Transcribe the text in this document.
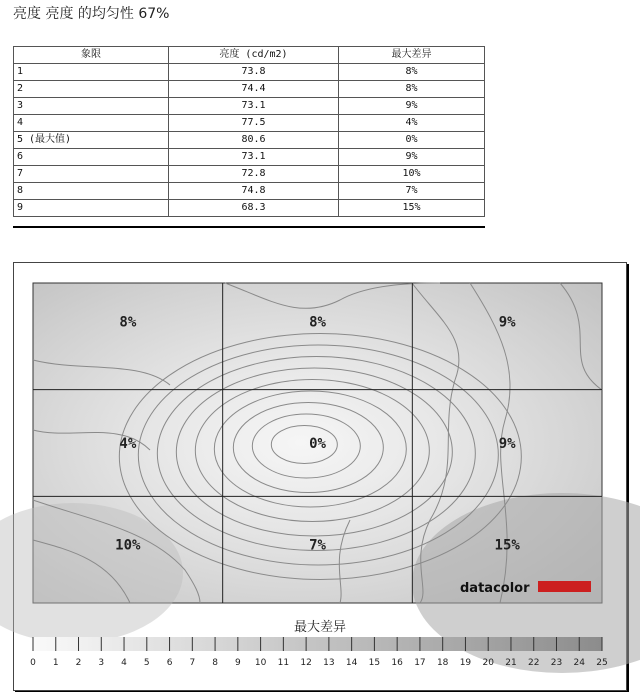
亮度 亮度 的均匀性 67%
象限	亮度 (cd/m2)	最大差异
1	73.8	8%
2	74.4	8%
3	73.1	9%
4	77.5	4%
5 (最大值)	80.6	0%
6	73.1	9%
7	72.8	10%
8	74.8	7%
9	68.3	15%
8%	8%	9%
4%	0%	9%
10%	7%	15%
datacolor
0 1 2 3 4 5 6 7 8 9 10 11 12 13 14 15 16 17 18 19 20 21 22 23 24 25
最大差异
